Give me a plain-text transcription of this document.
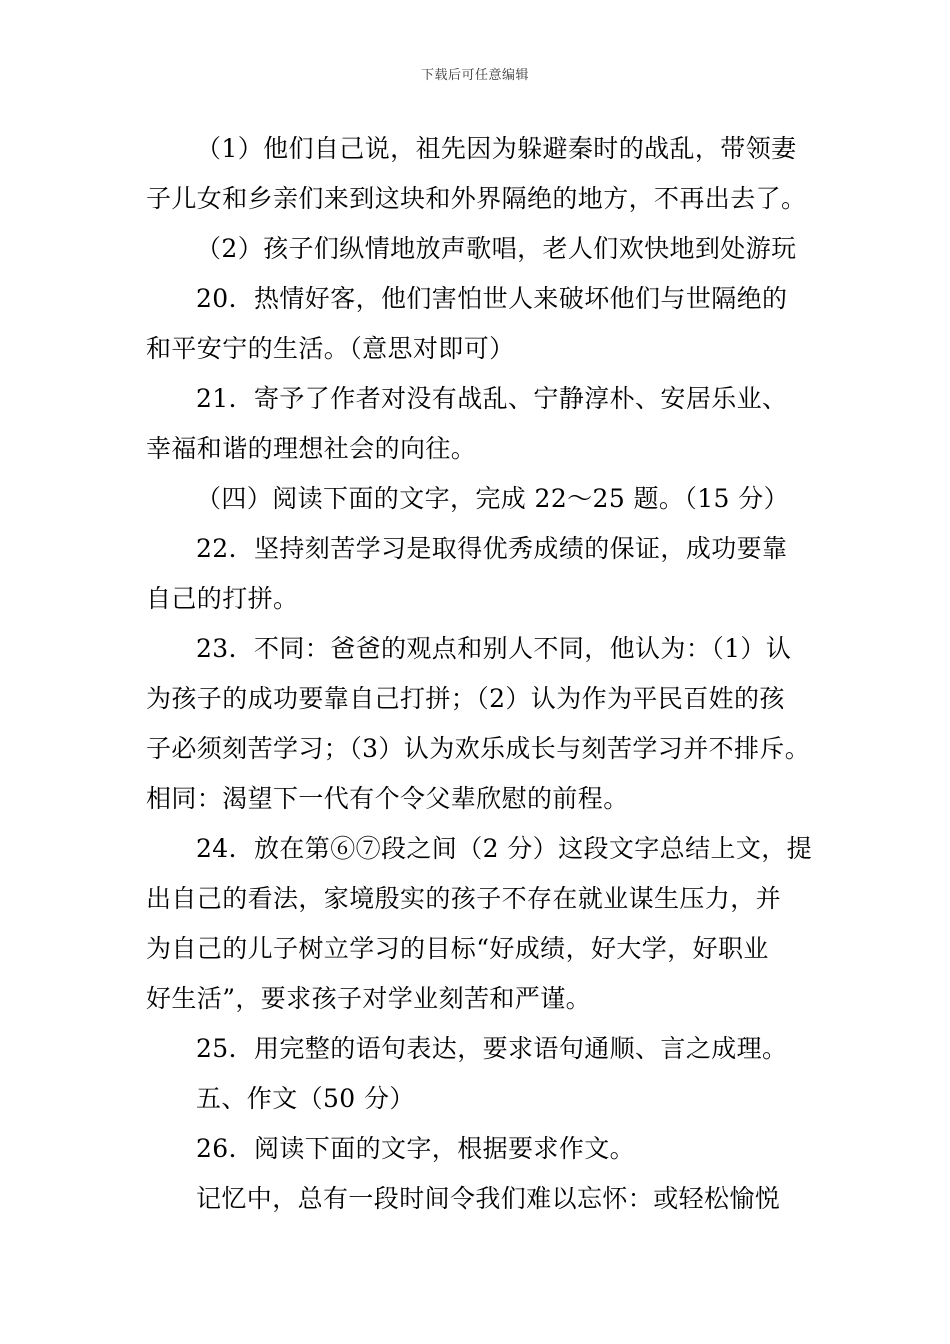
下载后可任意编辑
（1）他们自己说，祖先因为躲避秦时的战乱，带领妻
子儿女和乡亲们来到这块和外界隔绝的地方，不再出去了。
（2）孩子们纵情地放声歌唱，老人们欢快地到处游玩
20．热情好客，他们害怕世人来破坏他们与世隔绝的
和平安宁的生活。（意思对即可）
21．寄予了作者对没有战乱、宁静淳朴、安居乐业、
幸福和谐的理想社会的向往。
（四）阅读下面的文字，完成 22～25 题。（15 分）
22．坚持刻苦学习是取得优秀成绩的保证，成功要靠
自己的打拼。
23．不同：爸爸的观点和别人不同，他认为：（1）认
为孩子的成功要靠自己打拼；（2）认为作为平民百姓的孩
子必须刻苦学习；（3）认为欢乐成长与刻苦学习并不排斥。
相同：渴望下一代有个令父辈欣慰的前程。
24．放在第⑥⑦段之间（2 分）这段文字总结上文，提
出自己的看法，家境殷实的孩子不存在就业谋生压力，并
为自己的儿子树立学习的目标“好成绩，好大学，好职业
好生活”，要求孩子对学业刻苦和严谨。
25．用完整的语句表达，要求语句通顺、言之成理。
五、作文（50 分）
26．阅读下面的文字，根据要求作文。
记忆中，总有一段时间令我们难以忘怀：或轻松愉悦
